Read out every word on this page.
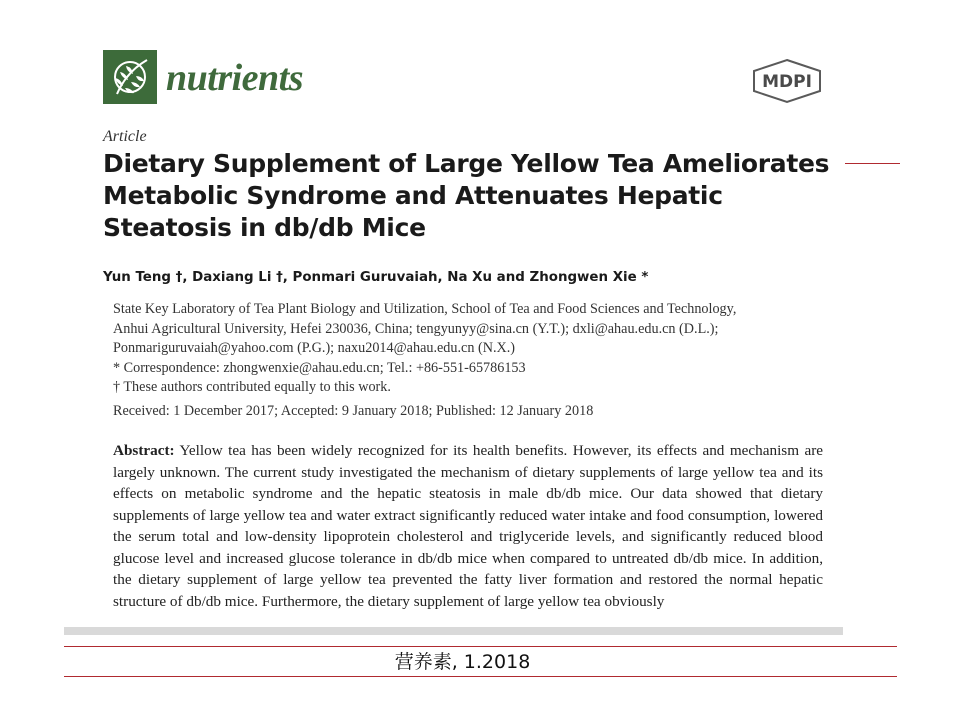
nutrients	MDPI
Article
Dietary Supplement of Large Yellow Tea Ameliorates Metabolic Syndrome and Attenuates Hepatic Steatosis in db/db Mice
Yun Teng †, Daxiang Li †, Ponmari Guruvaiah, Na Xu and Zhongwen Xie *

State Key Laboratory of Tea Plant Biology and Utilization, School of Tea and Food Sciences and Technology,

Anhui Agricultural University, Hefei 230036, China; tengyunyy@sina.cn (Y.T.); dxli@ahau.edu.cn (D.L.);

Ponmariguruvaiah@yahoo.com (P.G.); naxu2014@ahau.edu.cn (N.X.)

* Correspondence: zhongwenxie@ahau.edu.cn; Tel.: +86-551-65786153

† These authors contributed equally to this work.

Received: 1 December 2017; Accepted: 9 January 2018; Published: 12 January 2018

Abstract: Yellow tea has been widely recognized for its health benefits. However, its effects and mechanism are largely unknown. The current study investigated the mechanism of dietary supplements of large yellow tea and its effects on metabolic syndrome and the hepatic steatosis in male db/db mice. Our data showed that dietary supplements of large yellow tea and water extract significantly reduced water intake and food consumption, lowered the serum total and low-density lipoprotein cholesterol and triglyceride levels, and significantly reduced blood glucose level and increased glucose tolerance in db/db mice when compared to untreated db/db mice. In addition, the dietary supplement of large yellow tea prevented the fatty liver formation and restored the normal hepatic structure of db/db mice. Furthermore, the dietary supplement of large yellow tea obviously

营养素, 1.2018
